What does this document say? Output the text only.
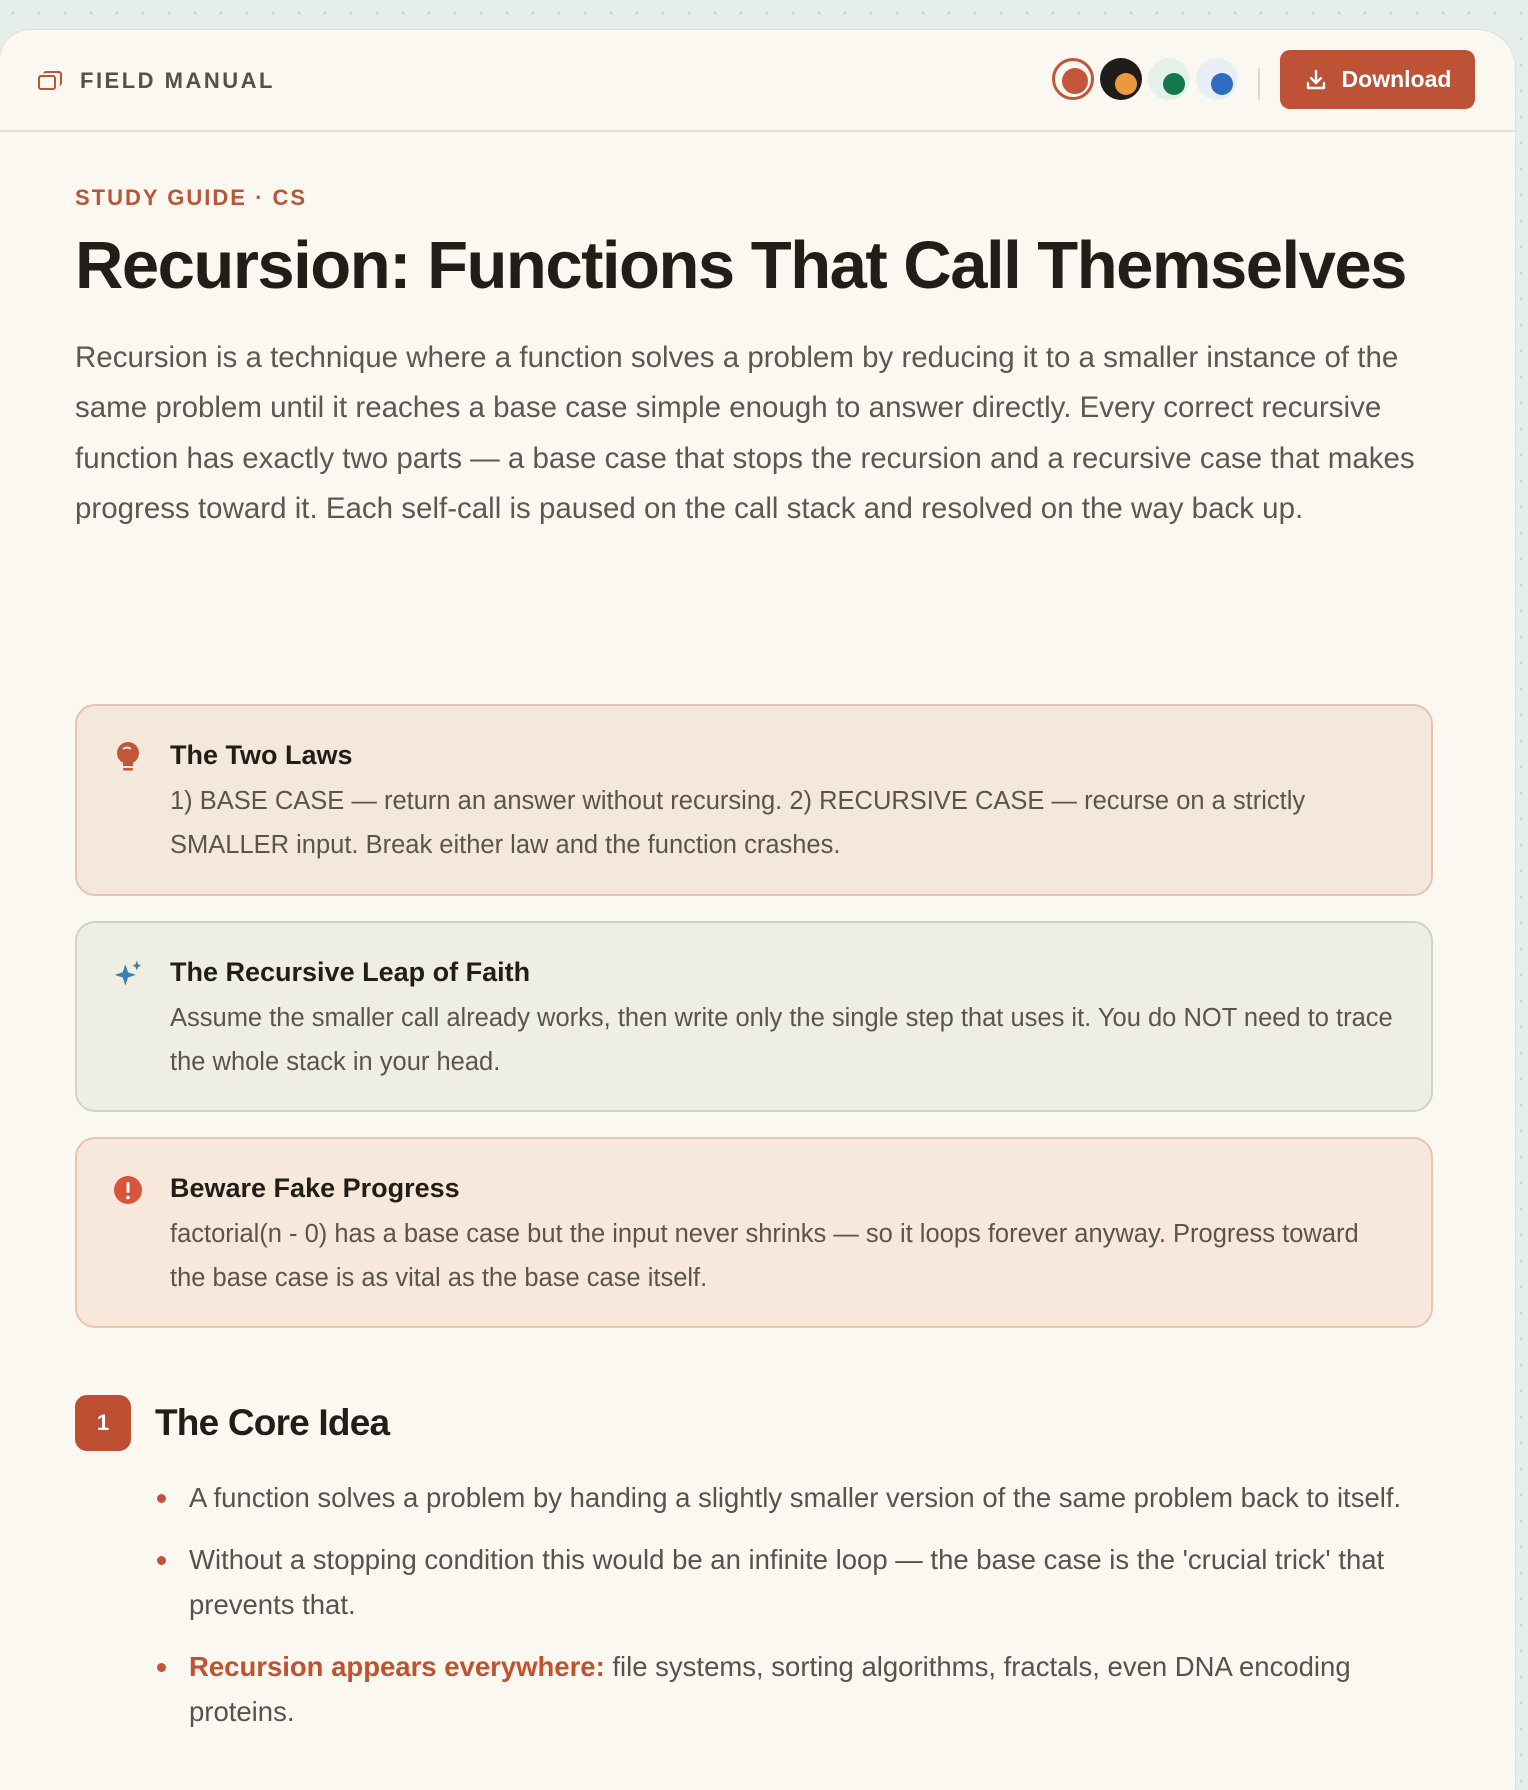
FIELD MANUAL	Download
STUDY GUIDE · CS
Recursion: Functions That Call Themselves
Recursion is a technique where a function solves a problem by reducing it to a smaller instance of the same problem until it reaches a base case simple enough to answer directly. Every correct recursive function has exactly two parts — a base case that stops the recursion and a recursive case that makes progress toward it. Each self-call is paused on the call stack and resolved on the way back up.
The Two Laws
1) BASE CASE — return an answer without recursing. 2) RECURSIVE CASE — recurse on a strictly SMALLER input. Break either law and the function crashes.
The Recursive Leap of Faith
Assume the smaller call already works, then write only the single step that uses it. You do NOT need to trace the whole stack in your head.
Beware Fake Progress
factorial(n - 0) has a base case but the input never shrinks — so it loops forever anyway. Progress toward the base case is as vital as the base case itself.
1	The Core Idea
A function solves a problem by handing a slightly smaller version of the same problem back to itself.
Without a stopping condition this would be an infinite loop — the base case is the 'crucial trick' that prevents that.
Recursion appears everywhere: file systems, sorting algorithms, fractals, even DNA encoding proteins.
